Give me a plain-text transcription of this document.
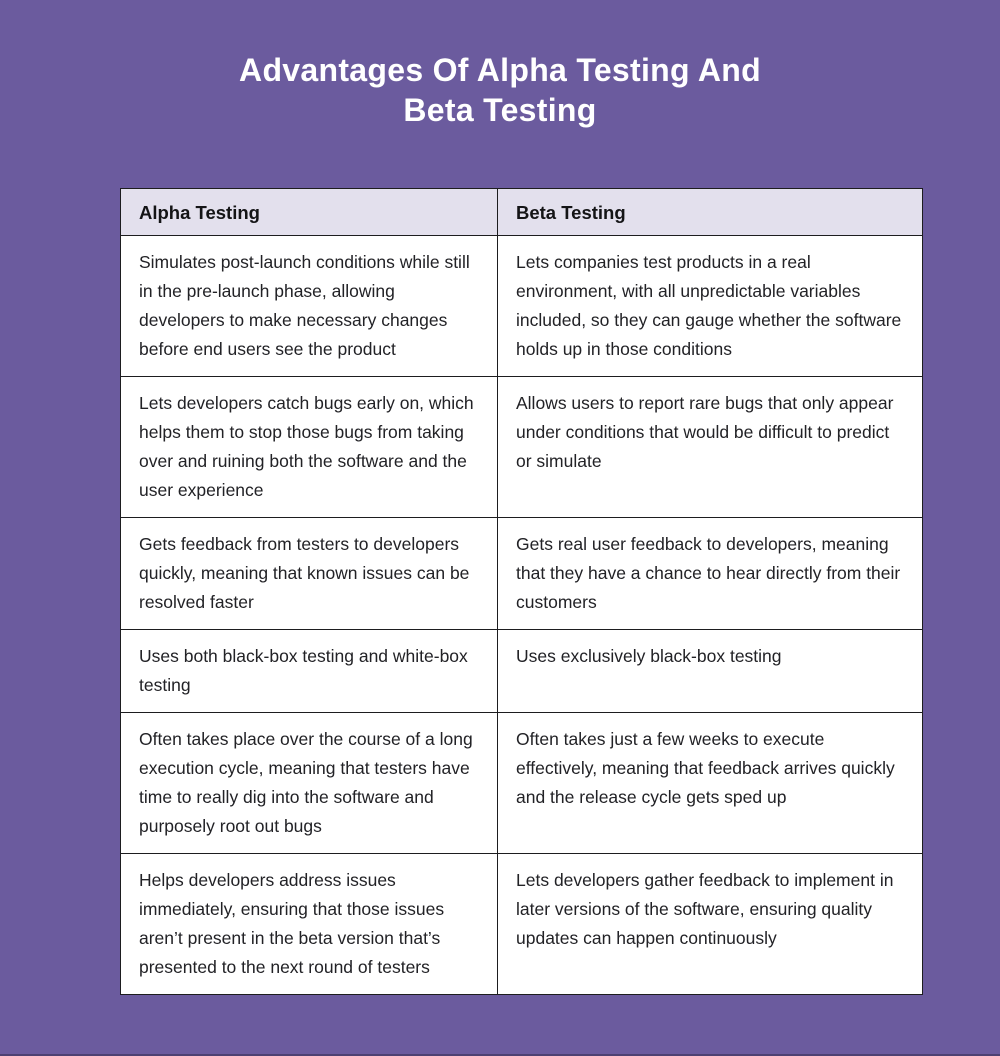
Advantages Of Alpha Testing And
Beta Testing
Alpha Testing	Beta Testing
Simulates post-launch conditions while still in the pre-launch phase, allowing developers to make necessary changes before end users see the product	Lets companies test products in a real environment, with all unpredictable variables included, so they can gauge whether the software holds up in those conditions
Lets developers catch bugs early on, which helps them to stop those bugs from taking over and ruining both the software and the user experience	Allows users to report rare bugs that only appear under conditions that would be difficult to predict or simulate
Gets feedback from testers to developers quickly, meaning that known issues can be resolved faster	Gets real user feedback to developers, meaning that they have a chance to hear directly from their customers
Uses both black-box testing and white-box testing	Uses exclusively black-box testing
Often takes place over the course of a long execution cycle, meaning that testers have time to really dig into the software and purposely root out bugs	Often takes just a few weeks to execute effectively, meaning that feedback arrives quickly and the release cycle gets sped up
Helps developers address issues immediately, ensuring that those issues aren’t present in the beta version that’s presented to the next round of testers	Lets developers gather feedback to implement in later versions of the software, ensuring quality updates can happen continuously
